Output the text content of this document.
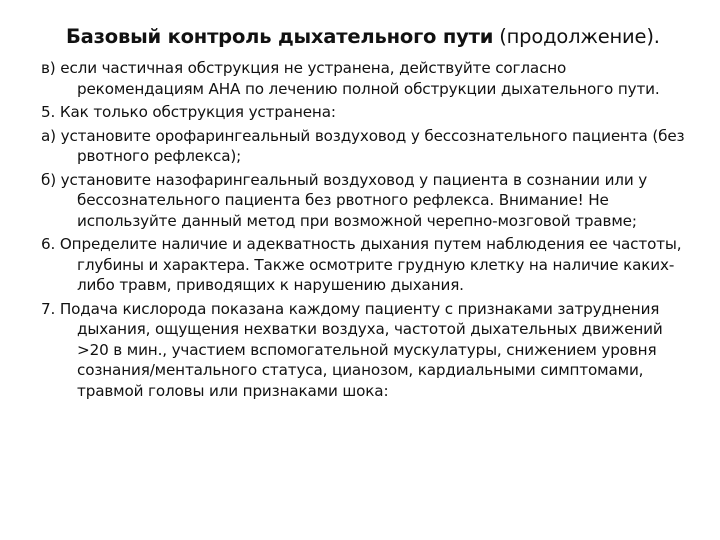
Базовый контроль дыхательного пути (продолжение).

в) если частичная обструкция не устранена, действуйте согласно рекомендациям AHA по лечению полной обструкции дыхательного пути.

5. Как только обструкция устранена:

а) установите орофарингеальный воздуховод у бессознательного пациента (без рвотного рефлекса);

б) установите назофарингеальный воздуховод у пациента в сознании или у бессознательного пациента без рвотного рефлекса. Внимание! Не используйте данный метод при возможной черепно-мозговой травме;

6. Определите наличие и адекватность дыхания путем наблюдения ее частоты, глубины и характера. Также осмотрите грудную клетку на наличие каких-либо травм, приводящих к нарушению дыхания.

7. Подача кислорода показана каждому пациенту с признаками затруднения дыхания, ощущения нехватки воздуха, частотой дыхательных движений >20 в мин., участием вспомогательной мускулатуры, снижением уровня сознания/ментального статуса, цианозом, кардиальными симптомами, травмой головы или признаками шока:
